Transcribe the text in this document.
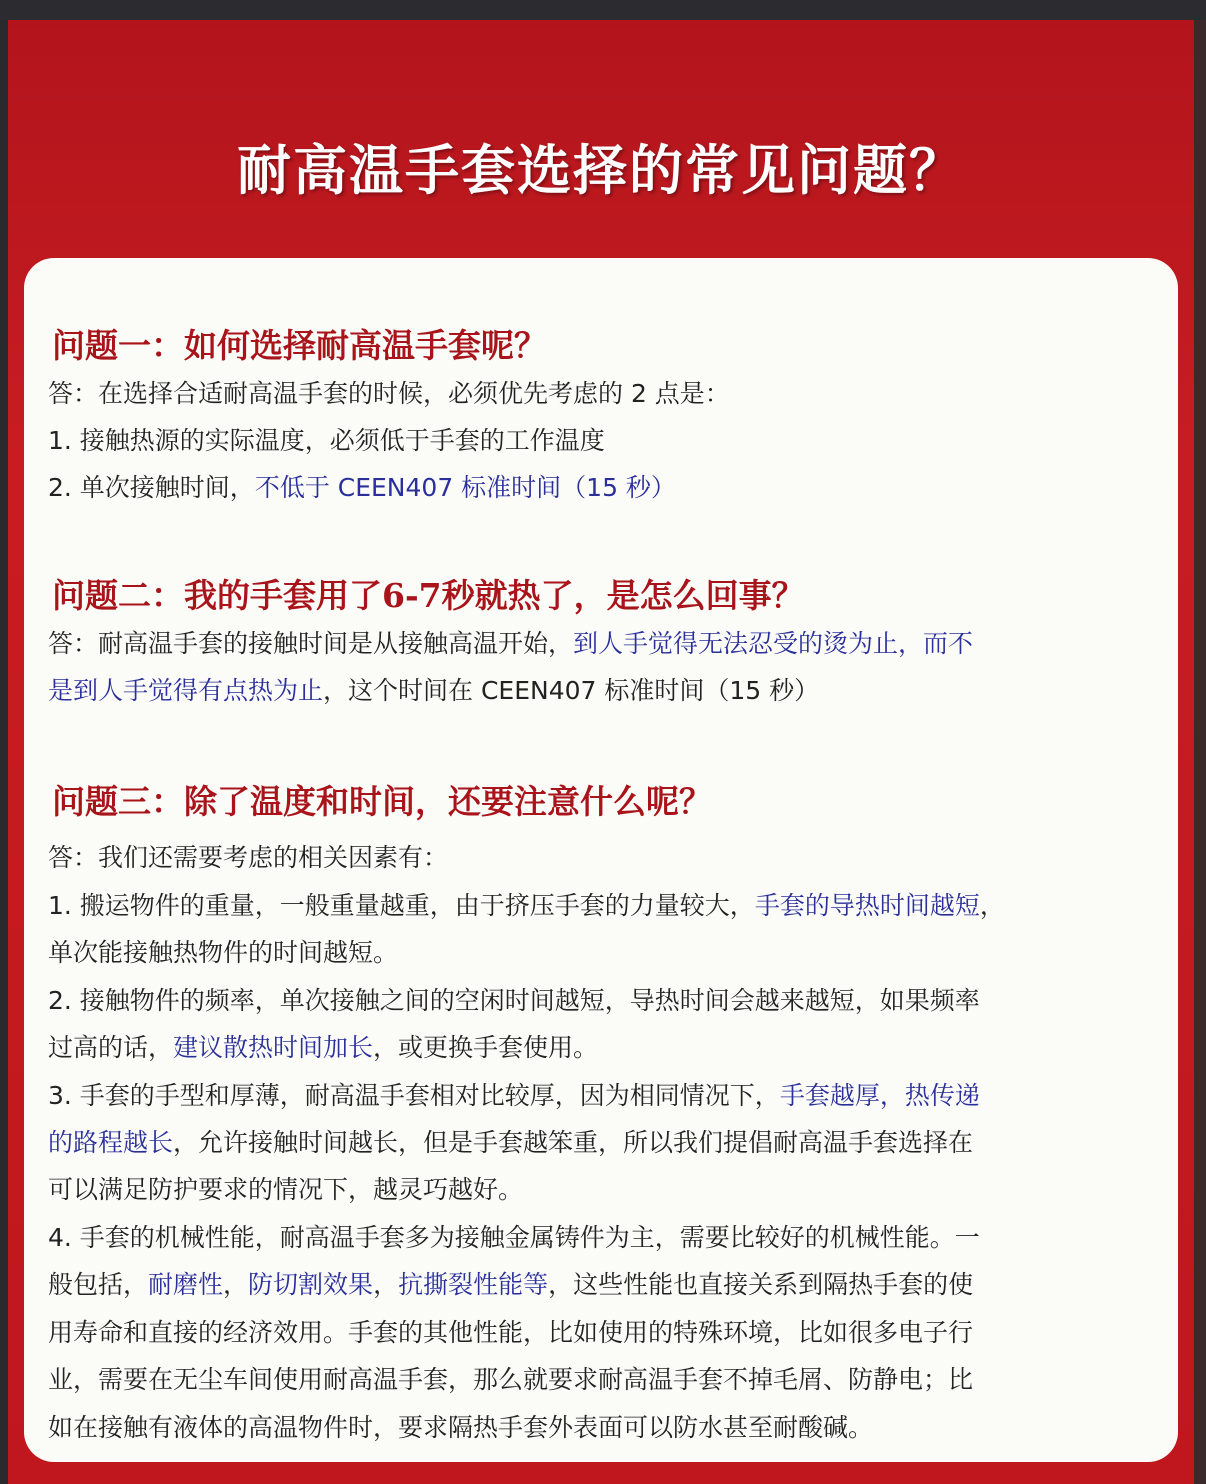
耐高温手套选择的常见问题？
问题一：如何选择耐高温手套呢？
答：在选择合适耐高温手套的时候，必须优先考虑的 2 点是：
1. 接触热源的实际温度，必须低于手套的工作温度
2. 单次接触时间，不低于 CEEN407 标准时间（15 秒）
问题二：我的手套用了6-7秒就热了，是怎么回事？
答：耐高温手套的接触时间是从接触高温开始，到人手觉得无法忍受的烫为止，而不
是到人手觉得有点热为止，这个时间在 CEEN407 标准时间（15 秒）
问题三：除了温度和时间，还要注意什么呢？
答：我们还需要考虑的相关因素有：
1. 搬运物件的重量，一般重量越重，由于挤压手套的力量较大，手套的导热时间越短，
单次能接触热物件的时间越短。
2. 接触物件的频率，单次接触之间的空闲时间越短，导热时间会越来越短，如果频率
过高的话，建议散热时间加长，或更换手套使用。
3. 手套的手型和厚薄，耐高温手套相对比较厚，因为相同情况下，手套越厚，热传递
的路程越长，允许接触时间越长，但是手套越笨重，所以我们提倡耐高温手套选择在
可以满足防护要求的情况下，越灵巧越好。
4. 手套的机械性能，耐高温手套多为接触金属铸件为主，需要比较好的机械性能。一
般包括，耐磨性，防切割效果，抗撕裂性能等，这些性能也直接关系到隔热手套的使
用寿命和直接的经济效用。手套的其他性能，比如使用的特殊环境，比如很多电子行
业，需要在无尘车间使用耐高温手套，那么就要求耐高温手套不掉毛屑、防静电；比
如在接触有液体的高温物件时，要求隔热手套外表面可以防水甚至耐酸碱。
